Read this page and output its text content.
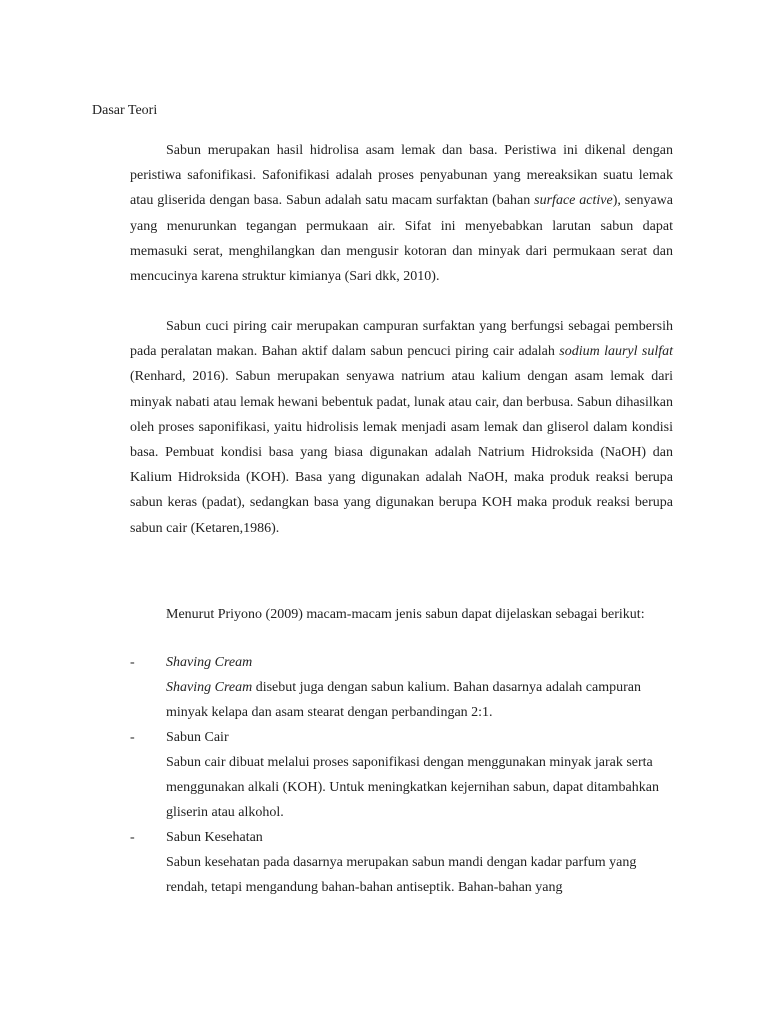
Dasar Teori

Sabun merupakan hasil hidrolisa asam lemak dan basa. Peristiwa ini dikenal dengan peristiwa safonifikasi. Safonifikasi adalah proses penyabunan yang mereaksikan suatu lemak atau gliserida dengan basa. Sabun adalah satu macam surfaktan (bahan surface active), senyawa yang menurunkan tegangan permukaan air. Sifat ini menyebabkan larutan sabun dapat memasuki serat, menghilangkan dan mengusir kotoran dan minyak dari permukaan serat dan mencucinya karena struktur kimianya (Sari dkk, 2010).

Sabun cuci piring cair merupakan campuran surfaktan yang berfungsi sebagai pembersih pada peralatan makan. Bahan aktif dalam sabun pencuci piring cair adalah sodium lauryl sulfat (Renhard, 2016). Sabun merupakan senyawa natrium atau kalium dengan asam lemak dari minyak nabati atau lemak hewani bebentuk padat, lunak atau cair, dan berbusa. Sabun dihasilkan oleh proses saponifikasi, yaitu hidrolisis lemak menjadi asam lemak dan gliserol dalam kondisi basa. Pembuat kondisi basa yang biasa digunakan adalah Natrium Hidroksida (NaOH) dan Kalium Hidroksida (KOH). Basa yang digunakan adalah NaOH, maka produk reaksi berupa sabun keras (padat), sedangkan basa yang digunakan berupa KOH maka produk reaksi berupa sabun cair (Ketaren,1986).

Menurut Priyono (2009) macam-macam jenis sabun dapat dijelaskan sebagai berikut:

-	Shaving Cream
Shaving Cream disebut juga dengan sabun kalium. Bahan dasarnya adalah campuran minyak kelapa dan asam stearat dengan perbandingan 2:1.
-	Sabun Cair
Sabun cair dibuat melalui proses saponifikasi dengan menggunakan minyak jarak serta menggunakan alkali (KOH). Untuk meningkatkan kejernihan sabun, dapat ditambahkan gliserin atau alkohol.
-	Sabun Kesehatan
Sabun kesehatan pada dasarnya merupakan sabun mandi dengan kadar parfum yang rendah, tetapi mengandung bahan-bahan antiseptik. Bahan-bahan yang
